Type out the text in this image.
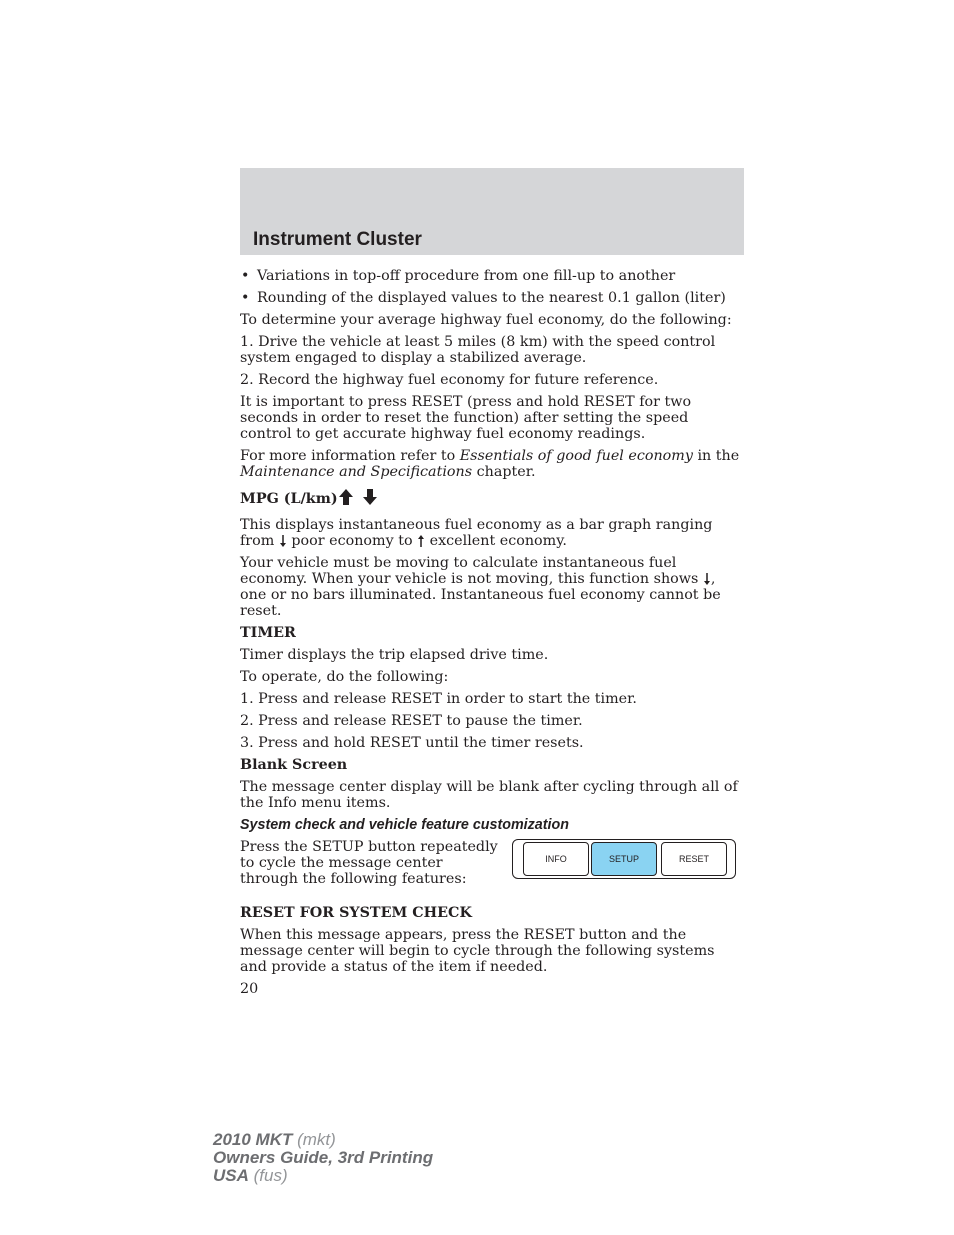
Instrument Cluster

• Variations in top-off procedure from one fill-up to another

• Rounding of the displayed values to the nearest 0.1 gallon (liter)

To determine your average highway fuel economy, do the following:

1. Drive the vehicle at least 5 miles (8 km) with the speed control system engaged to display a stabilized average.

2. Record the highway fuel economy for future reference.

It is important to press RESET (press and hold RESET for two seconds in order to reset the function) after setting the speed control to get accurate highway fuel economy readings.

For more information refer to Essentials of good fuel economy in the Maintenance and Specifications chapter.

MPG (L/km)

This displays instantaneous fuel economy as a bar graph ranging from  poor economy to  excellent economy.

Your vehicle must be moving to calculate instantaneous fuel economy. When your vehicle is not moving, this function shows , one or no bars illuminated. Instantaneous fuel economy cannot be reset.

TIMER

Timer displays the trip elapsed drive time.

To operate, do the following:

1. Press and release RESET in order to start the timer.

2. Press and release RESET to pause the timer.

3. Press and hold RESET until the timer resets.

Blank Screen

The message center display will be blank after cycling through all of the Info menu items.

System check and vehicle feature customization

Press the SETUP button repeatedly to cycle the message center through the following features:

INFO	SETUP	RESET

RESET FOR SYSTEM CHECK

When this message appears, press the RESET button and the message center will begin to cycle through the following systems and provide a status of the item if needed.

20

2010 MKT (mkt)
Owners Guide, 3rd Printing
USA (fus)
